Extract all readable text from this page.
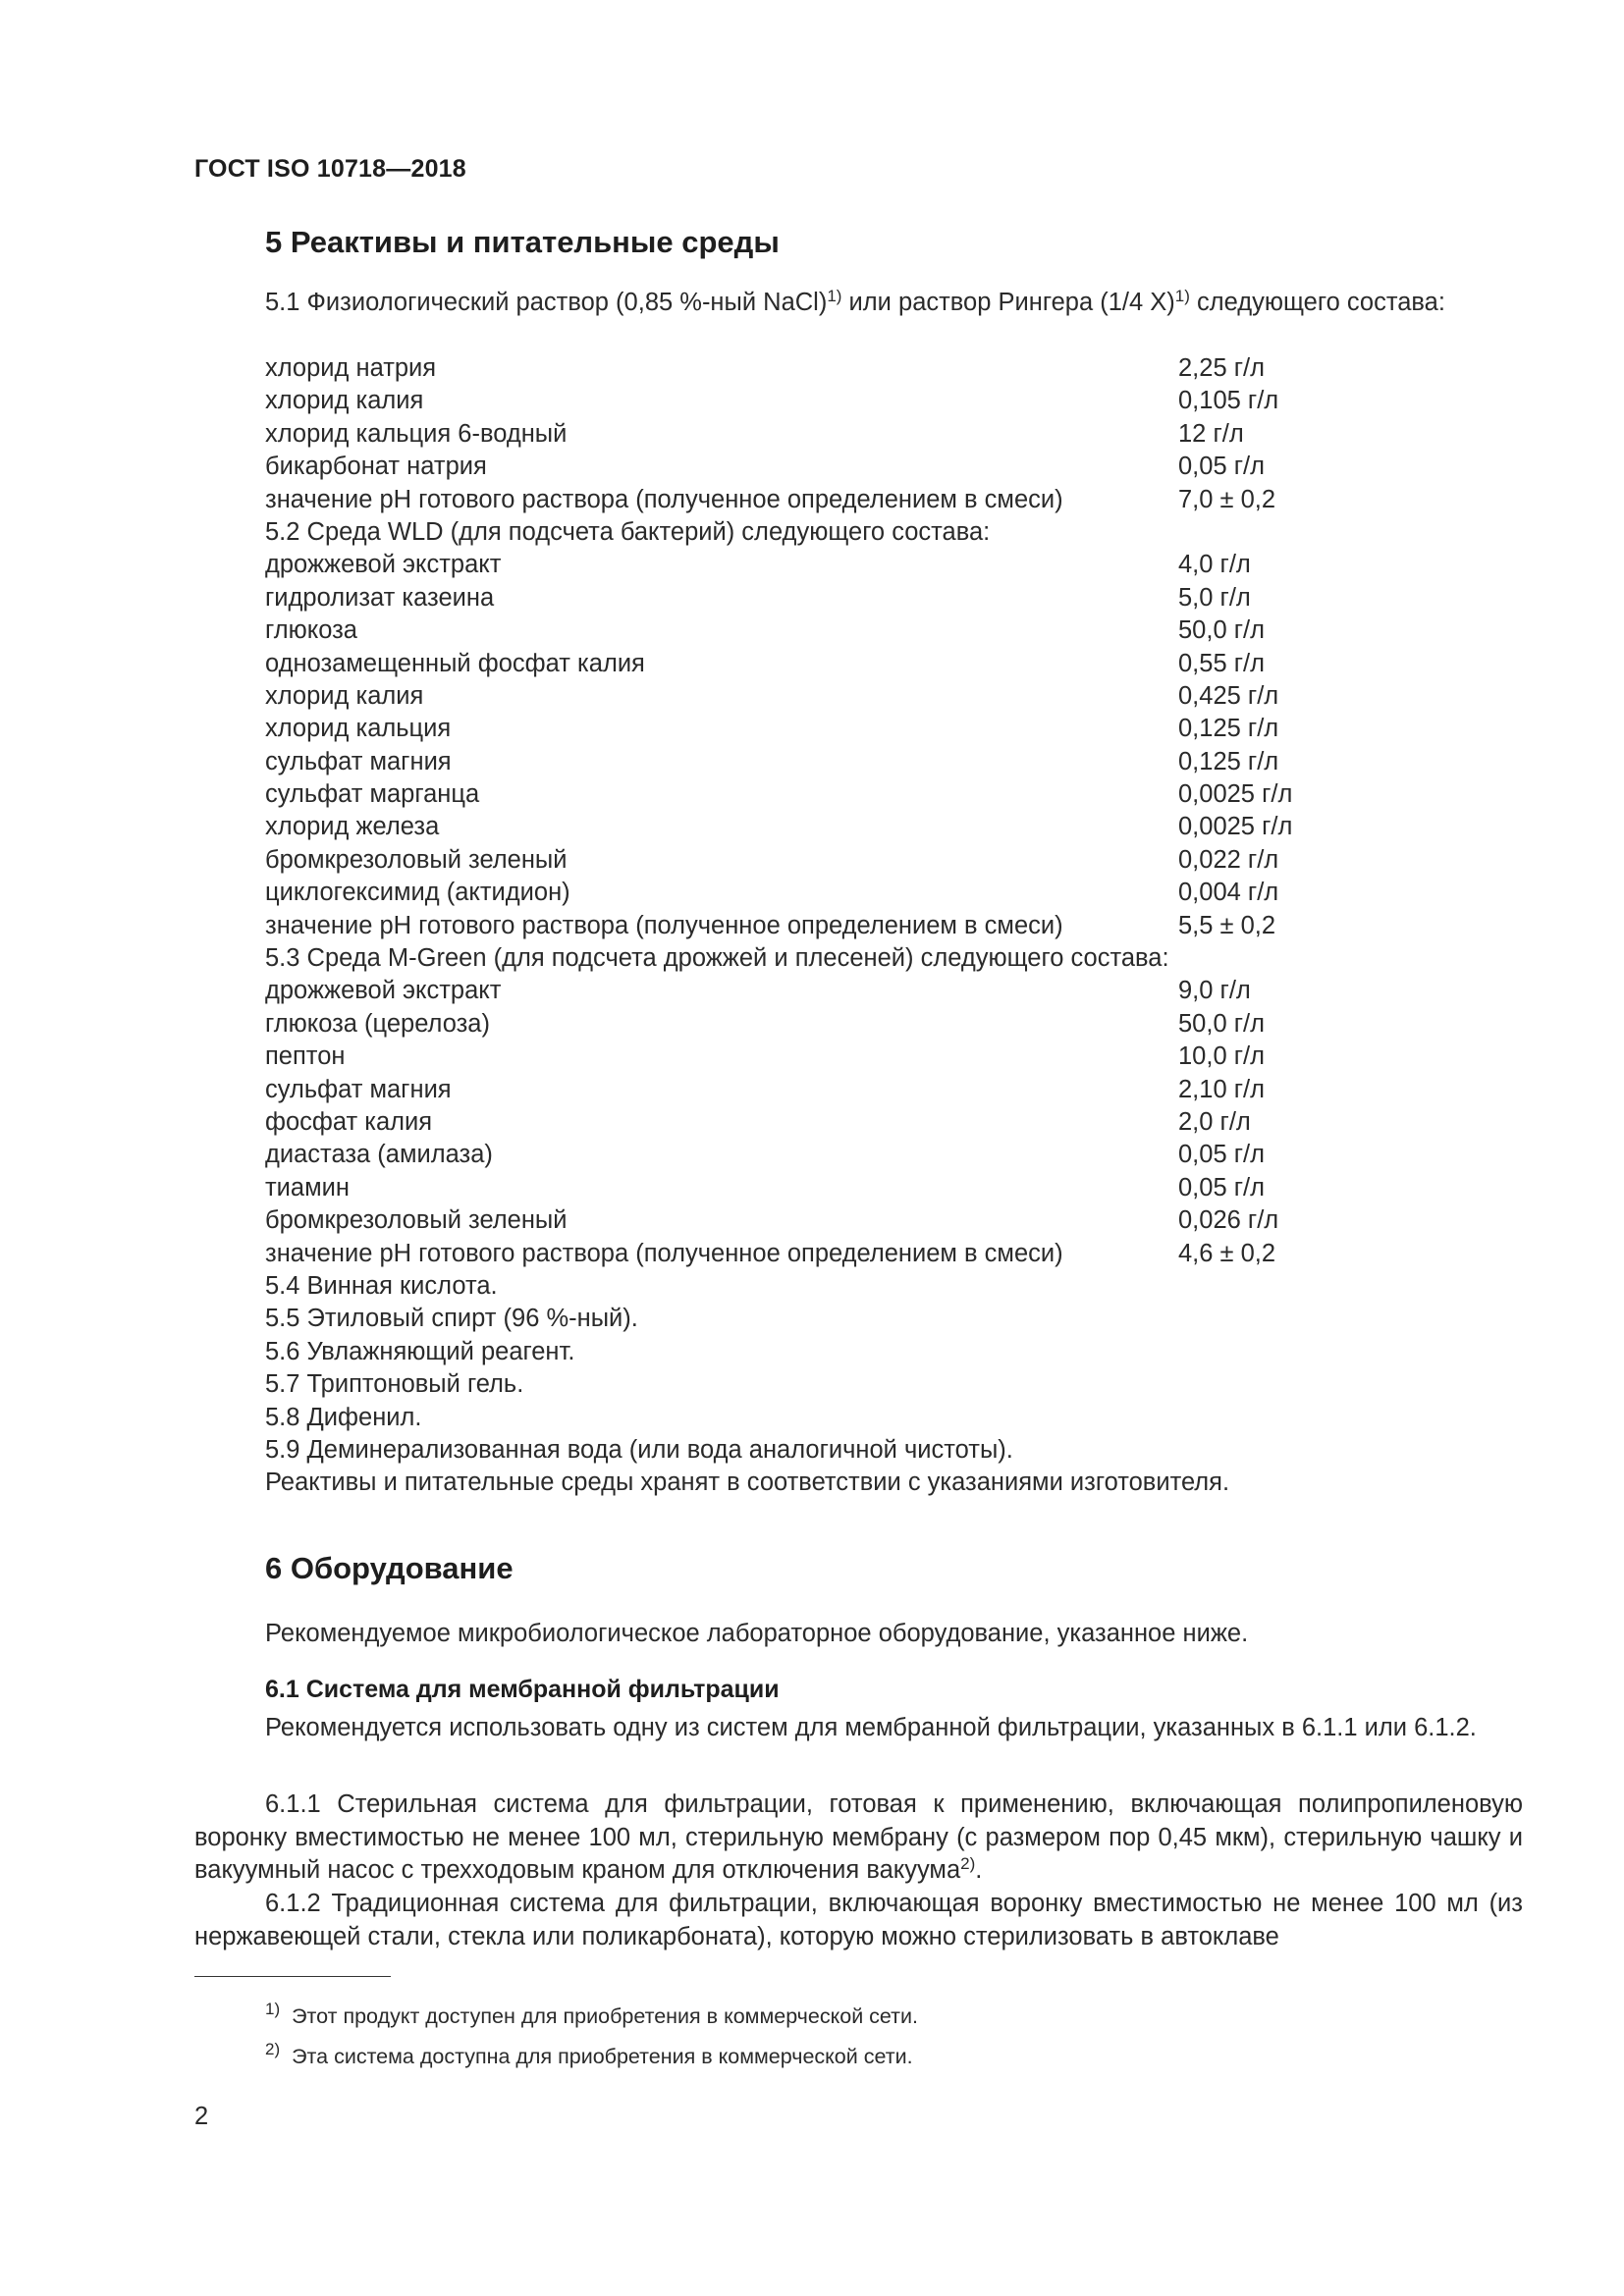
ГОСТ ISO 10718—2018
5 Реактивы и питательные среды
5.1 Физиологический раствор (0,85 %-ный NaCl)$^{1)}$ или раствор Рингера (1/4 X)$^{1)}$ следующего состава:
хлорид натрия	2,25 г/л
хлорид калия	0,105 г/л
хлорид кальция 6-водный	12 г/л
бикарбонат натрия	0,05 г/л
значение pH готового раствора (полученное определением в смеси)	7,0 ± 0,2
5.2 Среда WLD (для подсчета бактерий) следующего состава:
дрожжевой экстракт	4,0 г/л
гидролизат казеина	5,0 г/л
глюкоза	50,0 г/л
однозамещенный фосфат калия	0,55 г/л
хлорид калия	0,425 г/л
хлорид кальция	0,125 г/л
сульфат магния	0,125 г/л
сульфат марганца	0,0025 г/л
хлорид железа	0,0025 г/л
бромкрезоловый зеленый	0,022 г/л
циклогексимид (актидион)	0,004 г/л
значение pH готового раствора (полученное определением в смеси)	5,5 ± 0,2
5.3 Среда M-Green (для подсчета дрожжей и плесеней) следующего состава:
дрожжевой экстракт	9,0 г/л
глюкоза (церелоза)	50,0 г/л
пептон	10,0 г/л
сульфат магния	2,10 г/л
фосфат калия	2,0 г/л
диастаза (амилаза)	0,05 г/л
тиамин	0,05 г/л
бромкрезоловый зеленый	0,026 г/л
значение pH готового раствора (полученное определением в смеси)	4,6 ± 0,2
5.4 Винная кислота.
5.5 Этиловый спирт (96 %-ный).
5.6 Увлажняющий реагент.
5.7 Триптоновый гель.
5.8 Дифенил.
5.9 Деминерализованная вода (или вода аналогичной чистоты).
Реактивы и питательные среды хранят в соответствии с указаниями изготовителя.
6 Оборудование
Рекомендуемое микробиологическое лабораторное оборудование, указанное ниже.
6.1 Система для мембранной фильтрации
Рекомендуется использовать одну из систем для мембранной фильтрации, указанных в 6.1.1 или 6.1.2.
6.1.1 Стерильная система для фильтрации, готовая к применению, включающая полипропиленовую воронку вместимостью не менее 100 мл, стерильную мембрану (с размером пор 0,45 мкм), стерильную чашку и вакуумный насос с трехходовым краном для отключения вакуума$^{2)}$.
6.1.2 Традиционная система для фильтрации, включающая воронку вместимостью не менее 100 мл (из нержавеющей стали, стекла или поликарбоната), которую можно стерилизовать в автоклаве
$^{1)}$ Этот продукт доступен для приобретения в коммерческой сети.
$^{2)}$ Эта система доступна для приобретения в коммерческой сети.
2
